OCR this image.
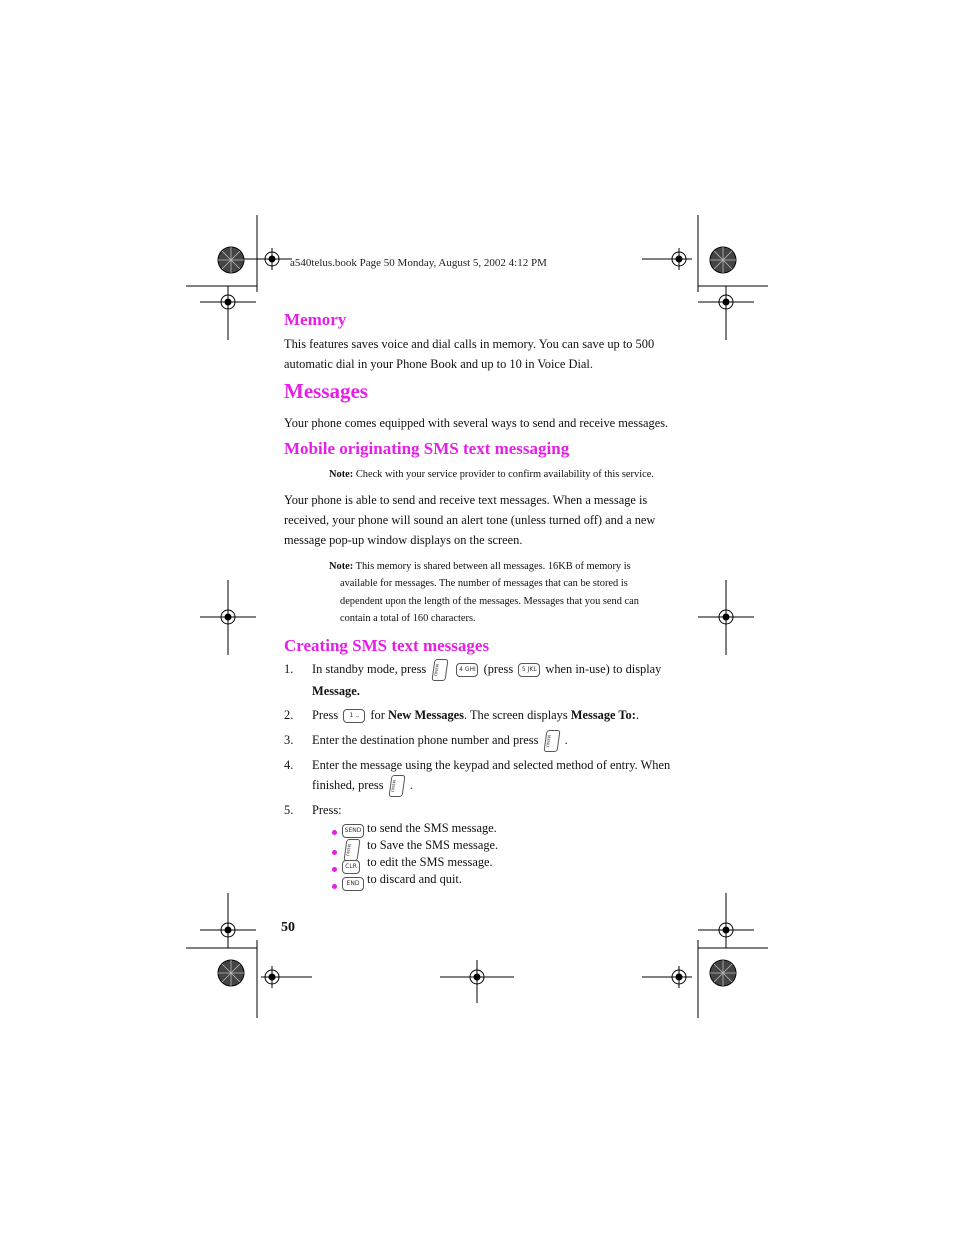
a540telus.book Page 50 Monday, August 5, 2002 4:12 PM
Memory
This features saves voice and dial calls in memory. You can save up to 500
automatic dial in your Phone Book and up to 10 in Voice Dial.
Messages
Your phone comes equipped with several ways to send and receive messages.
Mobile originating SMS text messaging
Note: Check with your service provider to confirm availability of this service.
Your phone is able to send and receive text messages. When a message is
received, your phone will sound an alert tone (unless turned off) and a new
message pop-up window displays on the screen.
Note: This memory is shared between all messages. 16KB of memory is
available for messages. The number of messages that can be stored is
dependent upon the length of the messages. Messages that you send can
contain a total of 160 characters.
Creating SMS text messages
1. In standby mode, press MENU	4 GHI (press 5 JKL when in-use) to display
Message.
2. Press 1 ., for New Messages. The screen displays Message To:.
3. Enter the destination phone number and press MENU .
4. Enter the message using the keypad and selected method of entry. When
finished, press MENU .
5. Press:
SEND to send the SMS message.
MENU to Save the SMS message.
CLR to edit the SMS message.
END to discard and quit.
50
